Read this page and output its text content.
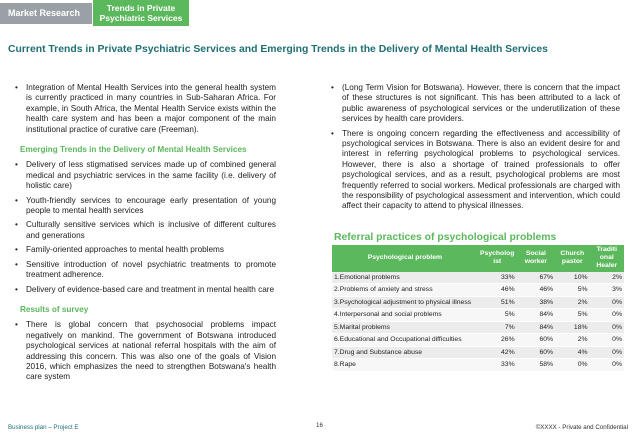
Market Research	Trends in Private
Psychiatric Services
Current Trends in Private Psychiatric Services and Emerging Trends in the Delivery of Mental Health Services
• Integration of Mental Health Services into the general health system is currently practiced in many countries in Sub-Saharan Africa. For example, in South Africa, the Mental Health Service exists within the health care system and has been a major component of the main institutional practice of curative care (Freeman).
Emerging Trends in the Delivery of Mental Health Services
• Delivery of less stigmatised services made up of combined general medical and psychiatric services in the same facility (i.e. delivery of holistic care)
• Youth-friendly services to encourage early presentation of young people to mental health services
• Culturally sensitive services which is inclusive of different cultures and generations
• Family-oriented approaches to mental health problems
• Sensitive introduction of novel psychiatric treatments to promote treatment adherence.
• Delivery of evidence-based care and treatment in mental health care
Results of survey
• There is global concern that psychosocial problems impact negatively on mankind. The government of Botswana introduced psychological services at national referral hospitals with the aim of addressing this concern. This was also one of the goals of Vision 2016, which emphasizes the need to strengthen Botswana's health care system
• (Long Term Vision for Botswana). However, there is concern that the impact of these structures is not significant. This has been attributed to a lack of public awareness of psychological services or the underutilization of these services by health care providers.
• There is ongoing concern regarding the effectiveness and accessibility of psychological services in Botswana. There is also an evident desire for and interest in referring psychological problems to psychological services. However, there is also a shortage of trained professionals to offer psychological services, and as a result, psychological problems are most frequently referred to social workers. Medical professionals are charged with the responsibility of psychological assessment and intervention, which could affect their capacity to attend to physical illnesses.
Referral practices of psychological problems
Psychological problem	Psycholog ist	Social worker	Church pastor	Traditi onal Healer
1.Emotional problems	33%	67%	10%	2%
2.Problems of anxiety and stress	46%	46%	5%	3%
3.Psychological adjustment to physical illness	51%	38%	2%	0%
4.Interpersonal and social problems	5%	84%	5%	0%
5.Marital problems	7%	84%	18%	0%
6.Educational and Occupational difficulties	26%	60%	2%	0%
7.Drug and Substance abuse	42%	60%	4%	0%
8.Rape	33%	58%	0%	0%
Business plan – Project E	16	©XXXX - Private and Confidential
